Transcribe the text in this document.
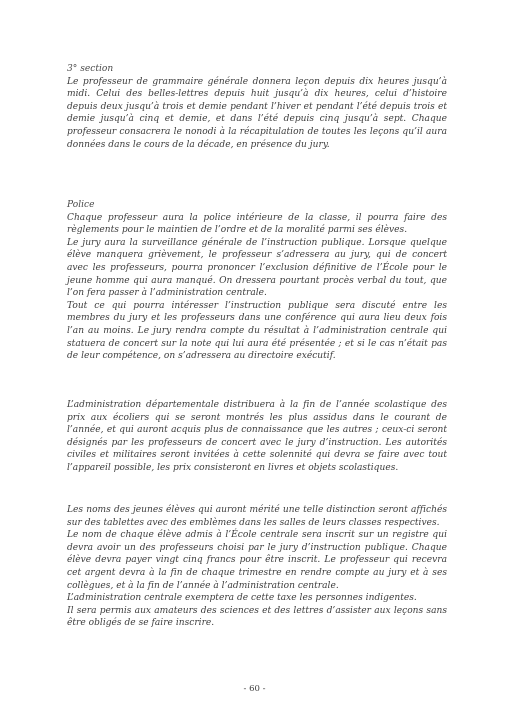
3° section

Le professeur de grammaire générale donnera leçon depuis dix heures jusqu’à midi. Celui des belles-lettres depuis huit jusqu’à dix heures, celui d’histoire depuis deux jusqu’à trois et demie pendant l’hiver et pendant l’été depuis trois et demie jusqu’à cinq et demie, et dans l’été depuis cinq jusqu’à sept. Chaque professeur consacrera le nonodi à la récapitulation de toutes les leçons qu’il aura données dans le cours de la décade, en présence du jury.

Police

Chaque professeur aura la police intérieure de la classe, il pourra faire des règlements pour le maintien de l’ordre et de la moralité parmi ses élèves.

Le jury aura la surveillance générale de l’instruction publique. Lorsque quelque élève manquera grièvement, le professeur s’adressera au jury, qui de concert avec les professeurs, pourra prononcer l’exclusion définitive de l’École pour le jeune homme qui aura manqué. On dressera pourtant procès verbal du tout, que l’on fera passer à l’administration centrale.

Tout ce qui pourra intéresser l’instruction publique sera discuté entre les membres du jury et les professeurs dans une conférence qui aura lieu deux fois l’an au moins. Le jury rendra compte du résultat à l’administration centrale qui statuera de concert sur la note qui lui aura été présentée ; et si le cas n’était pas de leur compétence, on s’adressera au directoire exécutif.

L’administration départementale distribuera à la fin de l’année scolastique des prix aux écoliers qui se seront montrés les plus assidus dans le courant de l’année, et qui auront acquis plus de connaissance que les autres ; ceux-ci seront désignés par les professeurs de concert avec le jury d’instruction. Les autorités civiles et militaires seront invitées à cette solennité qui devra se faire avec tout l’appareil possible, les prix consisteront en livres et objets scolastiques.

Les noms des jeunes élèves qui auront mérité une telle distinction seront affichés sur des tablettes avec des emblèmes dans les salles de leurs classes respectives.

Le nom de chaque élève admis à l’École centrale sera inscrit sur un registre qui devra avoir un des professeurs choisi par le jury d’instruction publique. Chaque élève devra payer vingt cinq francs pour être inscrit. Le professeur qui recevra cet argent devra à la fin de chaque trimestre en rendre compte au jury et à ses collègues, et à la fin de l’année à l’administration centrale.

L’administration centrale exemptera de cette taxe les personnes indigentes.

Il sera permis aux amateurs des sciences et des lettres d’assister aux leçons sans être obligés de se faire inscrire.

- 60 -
